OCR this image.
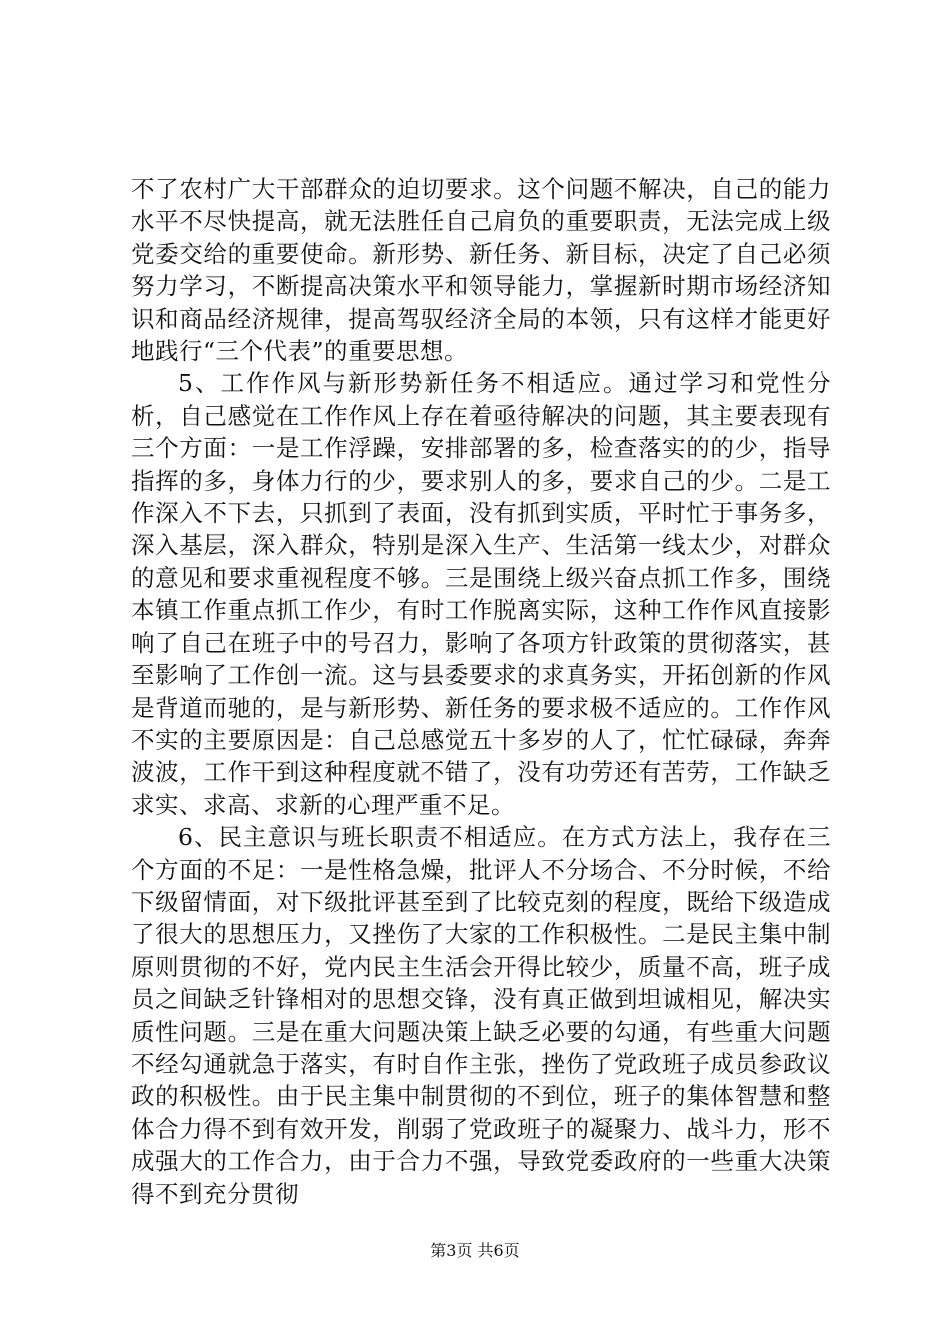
不了农村广大干部群众的迫切要求。这个问题不解决，自己的能力水平不尽快提高，就无法胜任自己肩负的重要职责，无法完成上级党委交给的重要使命。新形势、新任务、新目标，决定了自己必须努力学习，不断提高决策水平和领导能力，掌握新时期市场经济知识和商品经济规律，提高驾驭经济全局的本领，只有这样才能更好地践行“三个代表”的重要思想。

5、工作作风与新形势新任务不相适应。通过学习和党性分析，自己感觉在工作作风上存在着亟待解决的问题，其主要表现有三个方面：一是工作浮躁，安排部署的多，检查落实的的少，指导指挥的多，身体力行的少，要求别人的多，要求自己的少。二是工作深入不下去，只抓到了表面，没有抓到实质，平时忙于事务多，深入基层，深入群众，特别是深入生产、生活第一线太少，对群众的意见和要求重视程度不够。三是围绕上级兴奋点抓工作多，围绕本镇工作重点抓工作少，有时工作脱离实际，这种工作作风直接影响了自己在班子中的号召力，影响了各项方针政策的贯彻落实，甚至影响了工作创一流。这与县委要求的求真务实，开拓创新的作风是背道而驰的，是与新形势、新任务的要求极不适应的。工作作风不实的主要原因是：自己总感觉五十多岁的人了，忙忙碌碌，奔奔波波，工作干到这种程度就不错了，没有功劳还有苦劳，工作缺乏求实、求高、求新的心理严重不足。

6、民主意识与班长职责不相适应。在方式方法上，我存在三个方面的不足：一是性格急燥，批评人不分场合、不分时候，不给下级留情面，对下级批评甚至到了比较克刻的程度，既给下级造成了很大的思想压力，又挫伤了大家的工作积极性。二是民主集中制原则贯彻的不好，党内民主生活会开得比较少，质量不高，班子成员之间缺乏针锋相对的思想交锋，没有真正做到坦诚相见，解决实质性问题。三是在重大问题决策上缺乏必要的勾通，有些重大问题不经勾通就急于落实，有时自作主张，挫伤了党政班子成员参政议政的积极性。由于民主集中制贯彻的不到位，班子的集体智慧和整体合力得不到有效开发，削弱了党政班子的凝聚力、战斗力，形不成强大的工作合力，由于合力不强，导致党委政府的一些重大决策得不到充分贯彻

第3页 共6页
